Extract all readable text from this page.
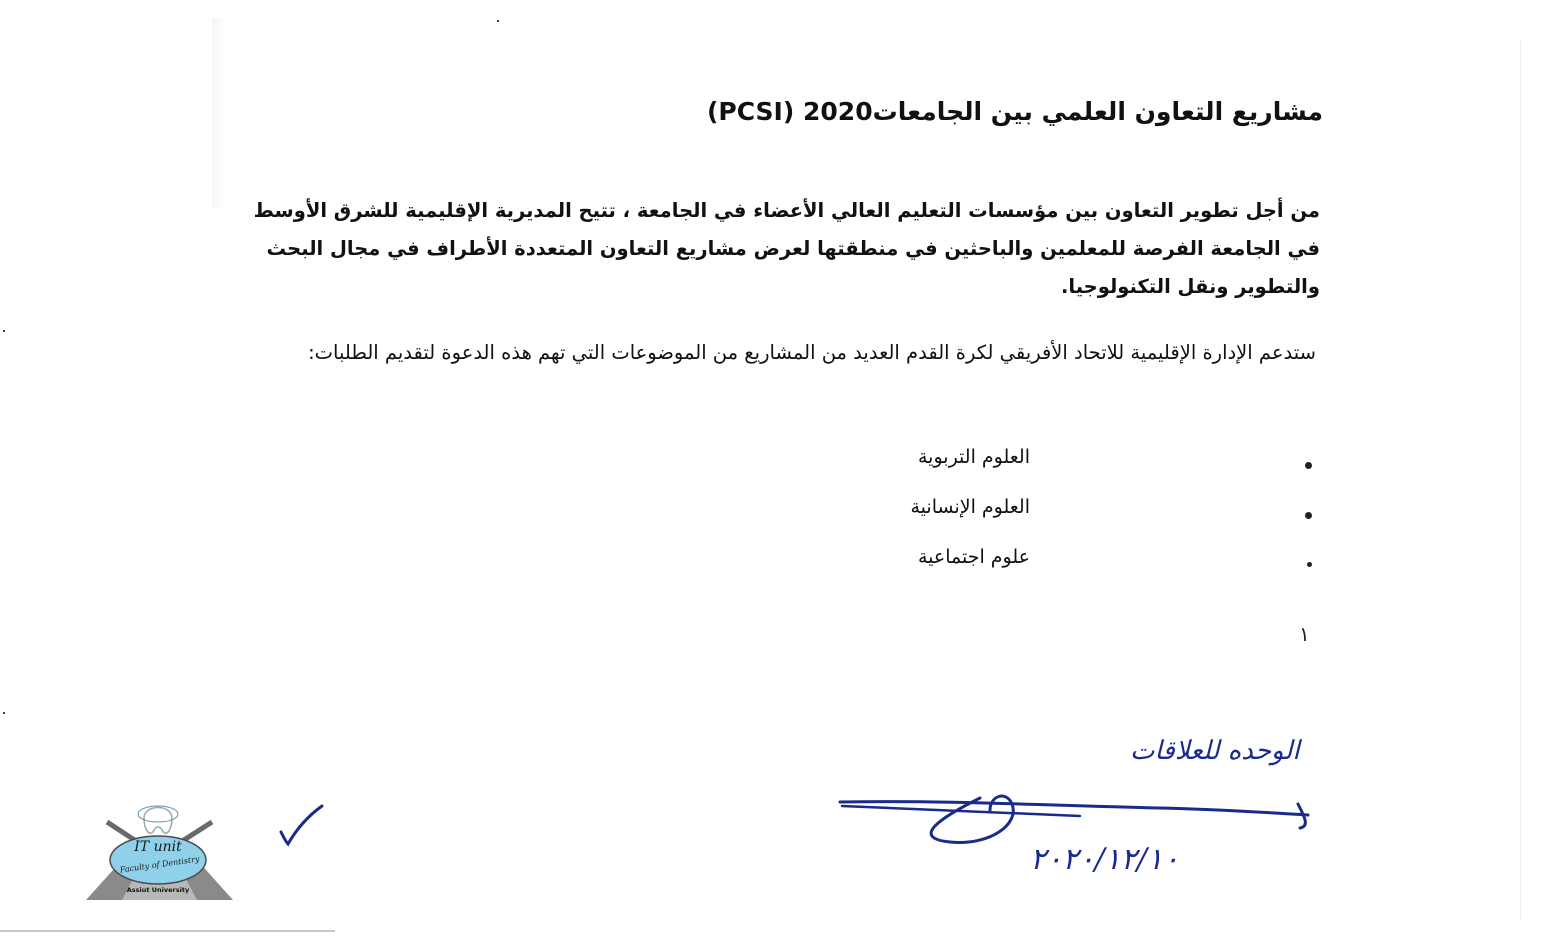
مشاريع التعاون العلمي بين الجامعات2020 (PCSI)
من أجل تطوير التعاون بين مؤسسات التعليم العالي الأعضاء في الجامعة ، تتيح المديرية الإقليمية للشرق الأوسط في الجامعة الفرصة للمعلمين والباحثين في منطقتها لعرض مشاريع التعاون المتعددة الأطراف في مجال البحث والتطوير ونقل التكنولوجيا.
ستدعم الإدارة الإقليمية للاتحاد الأفريقي لكرة القدم العديد من المشاريع من الموضوعات التي تهم هذه الدعوة لتقديم الطلبات:
العلوم التربوية
العلوم الإنسانية
علوم اجتماعية
١
الوحده للعلاقات
٢٠٢٠/١٢/١٠
IT unit
Faculty of Dentistry
Assiut University
